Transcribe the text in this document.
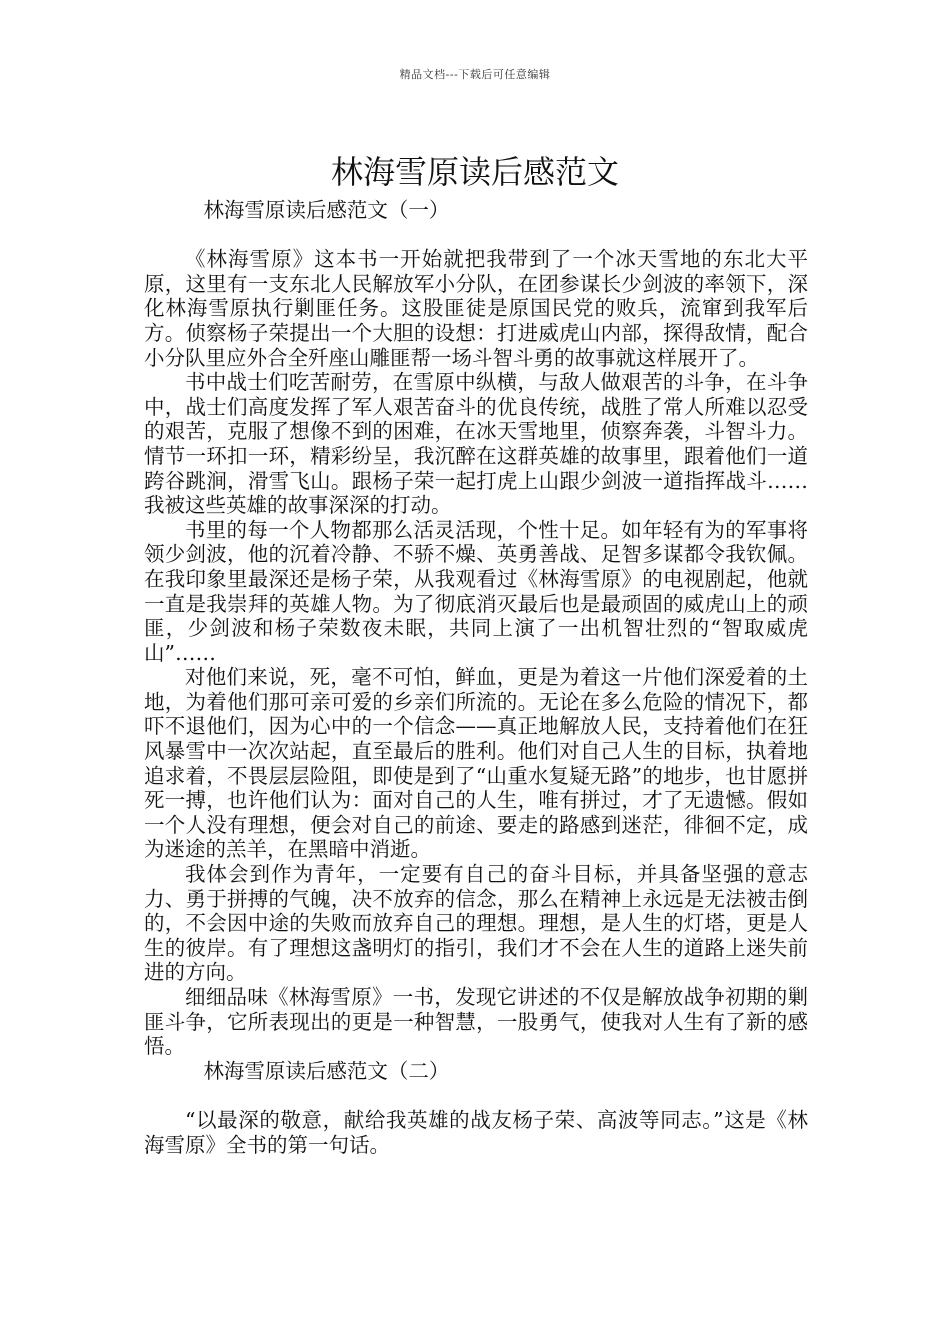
精品文档---下载后可任意编辑
林海雪原读后感范文

林海雪原读后感范文（一）

《林海雪原》这本书一开始就把我带到了一个冰天雪地的东北大平原，这里有一支东北人民解放军小分队，在团参谋长少剑波的率领下，深化林海雪原执行剿匪任务。这股匪徒是原国民党的败兵，流窜到我军后方。侦察杨子荣提出一个大胆的设想：打进威虎山内部，探得敌情，配合小分队里应外合全歼座山雕匪帮一场斗智斗勇的故事就这样展开了。

书中战士们吃苦耐劳，在雪原中纵横，与敌人做艰苦的斗争，在斗争中，战士们高度发挥了军人艰苦奋斗的优良传统，战胜了常人所难以忍受的艰苦，克服了想像不到的困难，在冰天雪地里，侦察奔袭，斗智斗力。情节一环扣一环，精彩纷呈，我沉醉在这群英雄的故事里，跟着他们一道跨谷跳涧，滑雪飞山。跟杨子荣一起打虎上山跟少剑波一道指挥战斗……我被这些英雄的故事深深的打动。

书里的每一个人物都那么活灵活现，个性十足。如年轻有为的军事将领少剑波，他的沉着冷静、不骄不燥、英勇善战、足智多谋都令我钦佩。在我印象里最深还是杨子荣，从我观看过《林海雪原》的电视剧起，他就一直是我崇拜的英雄人物。为了彻底消灭最后也是最顽固的威虎山上的顽匪，少剑波和杨子荣数夜未眠，共同上演了一出机智壮烈的“智取威虎山”……

对他们来说，死，毫不可怕，鲜血，更是为着这一片他们深爱着的土地，为着他们那可亲可爱的乡亲们所流的。无论在多么危险的情况下，都吓不退他们，因为心中的一个信念——真正地解放人民，支持着他们在狂风暴雪中一次次站起，直至最后的胜利。他们对自己人生的目标，执着地追求着，不畏层层险阻，即使是到了“山重水复疑无路”的地步，也甘愿拼死一搏，也许他们认为：面对自己的人生，唯有拼过，才了无遗憾。假如一个人没有理想，便会对自己的前途、要走的路感到迷茫，徘徊不定，成为迷途的羔羊，在黑暗中消逝。

我体会到作为青年，一定要有自己的奋斗目标，并具备坚强的意志力、勇于拼搏的气魄，决不放弃的信念，那么在精神上永远是无法被击倒的，不会因中途的失败而放弃自己的理想。理想，是人生的灯塔，更是人生的彼岸。有了理想这盏明灯的指引，我们才不会在人生的道路上迷失前进的方向。

细细品味《林海雪原》一书，发现它讲述的不仅是解放战争初期的剿匪斗争，它所表现出的更是一种智慧，一股勇气，使我对人生有了新的感悟。

林海雪原读后感范文（二）

“以最深的敬意，献给我英雄的战友杨子荣、高波等同志。”这是《林海雪原》全书的第一句话。
